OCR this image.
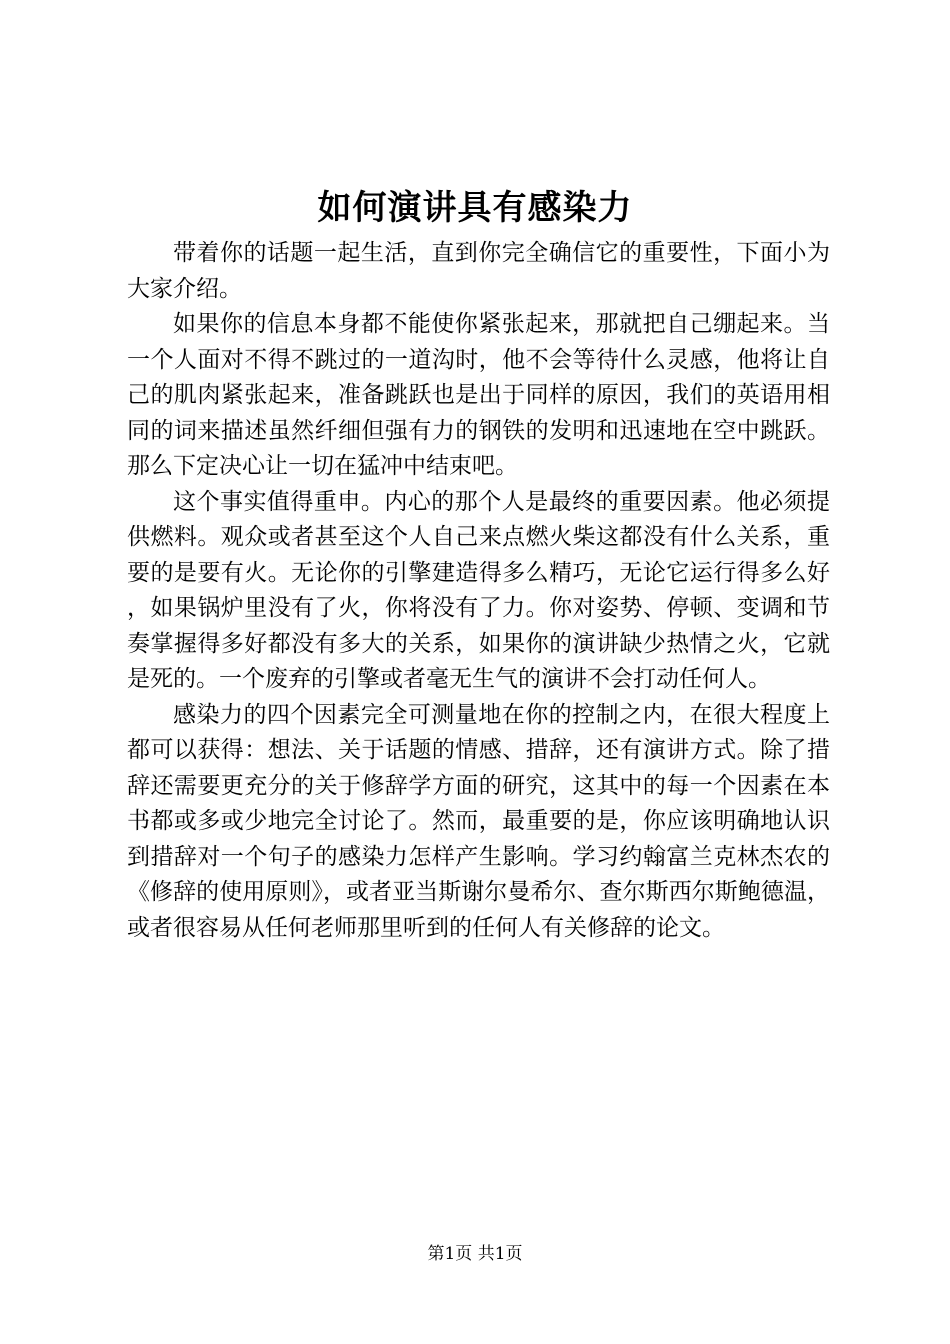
如何演讲具有感染力

带着你的话题一起生活，直到你完全确信它的重要性，下面小为大家介绍。

如果你的信息本身都不能使你紧张起来，那就把自己绷起来。当一个人面对不得不跳过的一道沟时，他不会等待什么灵感，他将让自己的肌肉紧张起来，准备跳跃也是出于同样的原因，我们的英语用相同的词来描述虽然纤细但强有力的钢铁的发明和迅速地在空中跳跃。那么下定决心让一切在猛冲中结束吧。

这个事实值得重申。内心的那个人是最终的重要因素。他必须提供燃料。观众或者甚至这个人自己来点燃火柴这都没有什么关系，重要的是要有火。无论你的引擎建造得多么精巧，无论它运行得多么好，如果锅炉里没有了火，你将没有了力。你对姿势、停顿、变调和节奏掌握得多好都没有多大的关系，如果你的演讲缺少热情之火，它就是死的。一个废弃的引擎或者毫无生气的演讲不会打动任何人。

感染力的四个因素完全可测量地在你的控制之内，在很大程度上都可以获得：想法、关于话题的情感、措辞，还有演讲方式。除了措辞还需要更充分的关于修辞学方面的研究，这其中的每一个因素在本书都或多或少地完全讨论了。然而，最重要的是，你应该明确地认识到措辞对一个句子的感染力怎样产生影响。学习约翰富兰克林杰农的《修辞的使用原则》，或者亚当斯谢尔曼希尔、查尔斯西尔斯鲍德温，或者很容易从任何老师那里听到的任何人有关修辞的论文。

第1页 共1页
